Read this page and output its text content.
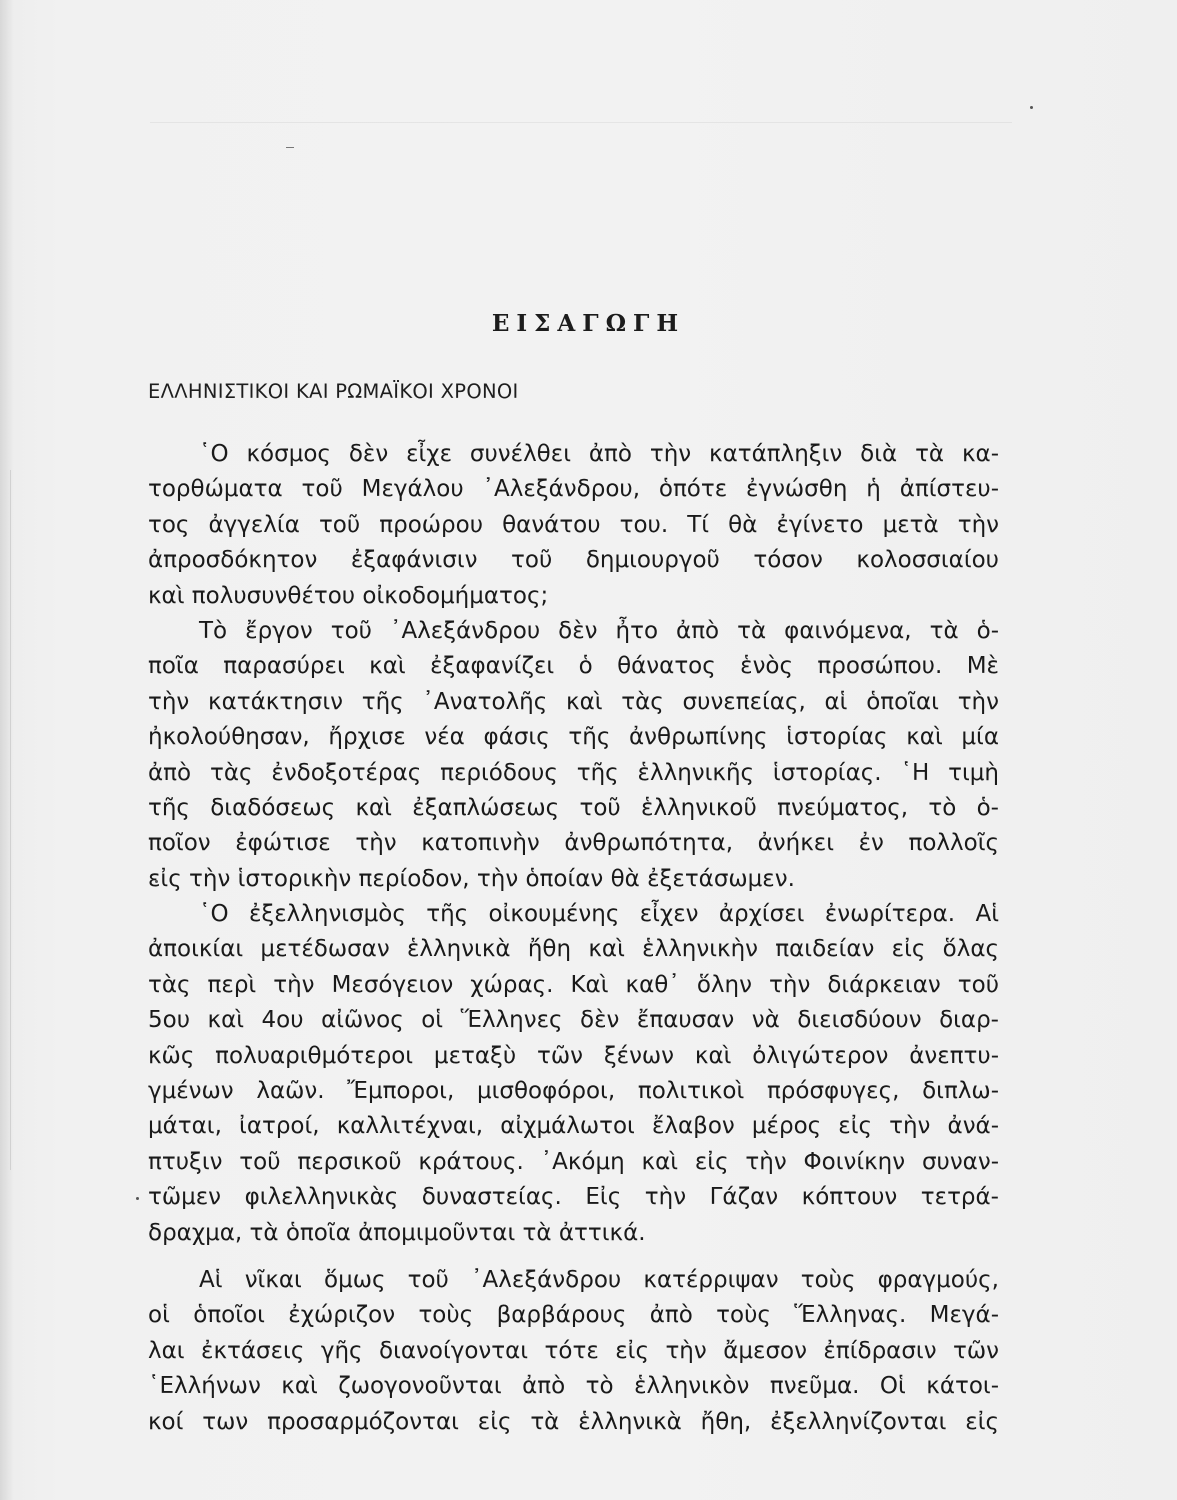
ΕΙΣΑΓΩΓΗ
ΕΛΛΗΝΙΣΤΙΚΟΙ ΚΑΙ ΡΩΜΑΪΚΟΙ ΧΡΟΝΟΙ
῾Ο κόσμος δὲν εἶχε συνέλθει ἀπὸ τὴν κατάπληξιν διὰ τὰ κα-
τορθώματα τοῦ Μεγάλου ᾿Αλεξάνδρου, ὁπότε ἐγνώσθη ἡ ἀπίστευ-
τος ἀγγελία τοῦ προώρου θανάτου του. Τί θὰ ἐγίνετο μετὰ τὴν
ἀπροσδόκητον ἐξαφάνισιν τοῦ δημιουργοῦ τόσον κολοσσιαίου
καὶ πολυσυνθέτου οἰκοδομήματος;
Τὸ ἔργον τοῦ ᾿Αλεξάνδρου δὲν ἦτο ἀπὸ τὰ φαινόμενα, τὰ ὁ-
ποῖα παρασύρει καὶ ἐξαφανίζει ὁ θάνατος ἑνὸς προσώπου. Μὲ
τὴν κατάκτησιν τῆς ᾿Ανατολῆς καὶ τὰς συνεπείας, αἱ ὁποῖαι τὴν
ἠκολούθησαν, ἤρχισε νέα φάσις τῆς ἀνθρωπίνης ἱστορίας καὶ μία
ἀπὸ τὰς ἐνδοξοτέρας περιόδους τῆς ἑλληνικῆς ἱστορίας. ῾Η τιμὴ
τῆς διαδόσεως καὶ ἐξαπλώσεως τοῦ ἑλληνικοῦ πνεύματος, τὸ ὁ-
ποῖον ἐφώτισε τὴν κατοπινὴν ἀνθρωπότητα, ἀνήκει ἐν πολλοῖς
εἰς τὴν ἱστορικὴν περίοδον, τὴν ὁποίαν θὰ ἐξετάσωμεν.
῾Ο ἐξελληνισμὸς τῆς οἰκουμένης εἶχεν ἀρχίσει ἐνωρίτερα. Αἱ
ἀποικίαι μετέδωσαν ἑλληνικὰ ἤθη καὶ ἑλληνικὴν παιδείαν εἰς ὅλας
τὰς περὶ τὴν Μεσόγειον χώρας. Καὶ καθ᾿ ὅλην τὴν διάρκειαν τοῦ
5ου καὶ 4ου αἰῶνος οἱ Ἕλληνες δὲν ἔπαυσαν νὰ διεισδύουν διαρ-
κῶς πολυαριθμότεροι μεταξὺ τῶν ξένων καὶ ὀλιγώτερον ἀνεπτυ-
γμένων λαῶν. Ἔμποροι, μισθοφόροι, πολιτικοὶ πρόσφυγες, διπλω-
μάται, ἰατροί, καλλιτέχναι, αἰχμάλωτοι ἔλαβον μέρος εἰς τὴν ἀνά-
πτυξιν τοῦ περσικοῦ κράτους. ᾿Ακόμη καὶ εἰς τὴν Φοινίκην συναν-
τῶμεν φιλελληνικὰς δυναστείας. Εἰς τὴν Γάζαν κόπτουν τετρά-
δραχμα, τὰ ὁποῖα ἀπομιμοῦνται τὰ ἀττικά.
Αἱ νῖκαι ὅμως τοῦ ᾿Αλεξάνδρου κατέρριψαν τοὺς φραγμούς,
οἱ ὁποῖοι ἐχώριζον τοὺς βαρβάρους ἀπὸ τοὺς Ἕλληνας. Μεγά-
λαι ἐκτάσεις γῆς διανοίγονται τότε εἰς τὴν ἄμεσον ἐπίδρασιν τῶν
῾Ελλήνων καὶ ζωογονοῦνται ἀπὸ τὸ ἑλληνικὸν πνεῦμα. Οἱ κάτοι-
κοί των προσαρμόζονται εἰς τὰ ἑλληνικὰ ἤθη, ἐξελληνίζονται εἰς
